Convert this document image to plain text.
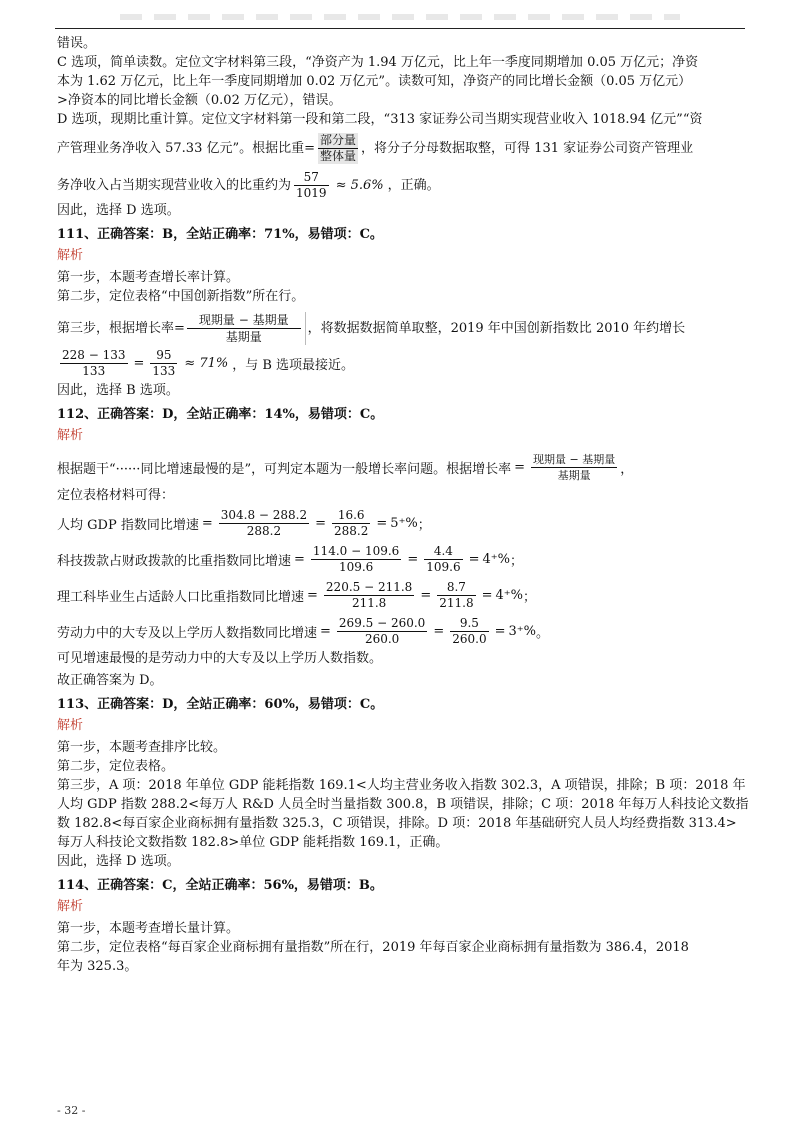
错误。
C 选项，简单读数。定位文字材料第三段，“净资产为 1.94 万亿元，比上年一季度同期增加 0.05 万亿元；净资
本为 1.62 万亿元，比上年一季度同期增加 0.02 万亿元”。读数可知，净资产的同比增长金额（0.05 万亿元）
>净资本的同比增长金额（0.02 万亿元），错误。
D 选项，现期比重计算。定位文字材料第一段和第二段，“313 家证券公司当期实现营业收入 1018.94 亿元”“资
产管理业务净收入 57.33 亿元”。根据比重= $\frac{\text{部分量}}{\text{整体量}}$ ，将分子分母数据取整，可得 131 家证券公司资产管理业
务净收入占当期实现营业收入的比重约为 $\frac{57}{1019} \approx 5.6\%$ ，正确。
因此，选择 D 选项。
111、正确答案：B，全站正确率：71%，易错项：C。
解析
第一步，本题考查增长率计算。
第二步，定位表格“中国创新指数”所在行。
第三步，根据增长率= $\frac{\text{现期量 − 基期量}}{\text{基期量}}$ ，将数据数据简单取整，2019 年中国创新指数比 2010 年约增长
$\frac{228 - 133}{133} = \frac{95}{133} \approx 71\%$ ，与 B 选项最接近。
因此，选择 B 选项。
112、正确答案：D，全站正确率：14%，易错项：C。
解析
根据题干“······同比增速最慢的是”，可判定本题为一般增长率问题。根据增长率 = $\frac{\text{现期量 − 基期量}}{\text{基期量}}$ ，
定位表格材料可得：
人均 GDP 指数同比增速 = $\frac{304.8 - 288.2}{288.2} = \frac{16.6}{288.2} = 5^+\%$ ；
科技拨款占财政拨款的比重指数同比增速 = $\frac{114.0 - 109.6}{109.6} = \frac{4.4}{109.6} = 4^+\%$ ；
理工科毕业生占适龄人口比重指数同比增速 = $\frac{220.5 - 211.8}{211.8} = \frac{8.7}{211.8} = 4^+\%$ ；
劳动力中的大专及以上学历人数指数同比增速 = $\frac{269.5 - 260.0}{260.0} = \frac{9.5}{260.0} = 3^+\%$ 。
可见增速最慢的是劳动力中的大专及以上学历人数指数。
故正确答案为 D。
113、正确答案：D，全站正确率：60%，易错项：C。
解析
第一步，本题考查排序比较。
第二步，定位表格。
第三步，A 项：2018 年单位 GDP 能耗指数 169.1<人均主营业务收入指数 302.3，A 项错误，排除；B 项：2018 年
人均 GDP 指数 288.2<每万人 R&D 人员全时当量指数 300.8，B 项错误，排除；C 项：2018 年每万人科技论文数指
数 182.8<每百家企业商标拥有量指数 325.3，C 项错误，排除。D 项：2018 年基础研究人员人均经费指数 313.4>
每万人科技论文数指数 182.8>单位 GDP 能耗指数 169.1，正确。
因此，选择 D 选项。
114、正确答案：C，全站正确率：56%，易错项：B。
解析
第一步，本题考查增长量计算。
第二步，定位表格“每百家企业商标拥有量指数”所在行，2019 年每百家企业商标拥有量指数为 386.4，2018
年为 325.3。
- 32 -
